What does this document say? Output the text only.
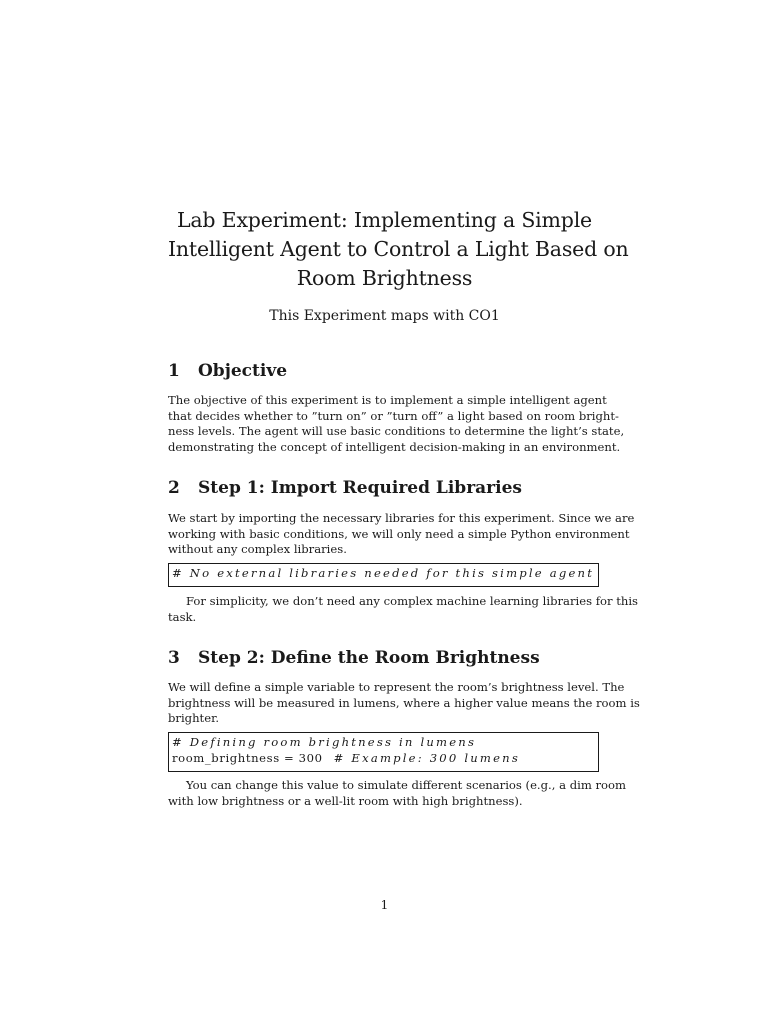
Lab Experiment: Implementing a Simple
Intelligent Agent to Control a Light Based on
Room Brightness
This Experiment maps with CO1
1 Objective
The objective of this experiment is to implement a simple intelligent agent
that decides whether to ”turn on” or ”turn off” a light based on room bright-
ness levels. The agent will use basic conditions to determine the light’s state,
demonstrating the concept of intelligent decision-making in an environment.
2 Step 1: Import Required Libraries
We start by importing the necessary libraries for this experiment. Since we are
working with basic conditions, we will only need a simple Python environment
without any complex libraries.
# No external libraries needed for this simple agent
For simplicity, we don’t need any complex machine learning libraries for this
task.
3 Step 2: Define the Room Brightness
We will define a simple variable to represent the room’s brightness level. The
brightness will be measured in lumens, where a higher value means the room is
brighter.
# Defining room brightness in lumens
room_brightness = 300 # Example: 300 lumens
You can change this value to simulate different scenarios (e.g., a dim room
with low brightness or a well-lit room with high brightness).
1
